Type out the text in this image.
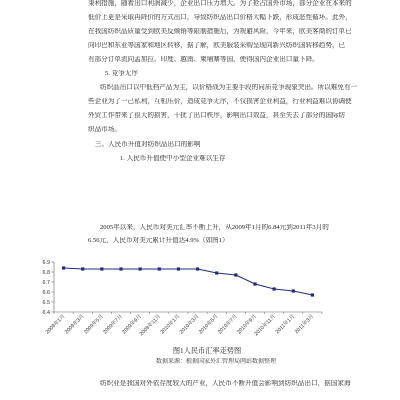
秉利措施，随着出口利润减少，企业出口压力增大。为了抢占国外市场，部分企业在本来的
低价上更是采取再降价的方式出口，导致纺织品出口价格大幅下跌，形成恶性循环。此外，
在我国纺织品质量受到欧美反倾销等限制措施后，为规避风险，今年来，欧美客商的订单已
向印巴和东亚等国家和地区转移，据了解，欧美服装采购呈现向新兴纺织国转移趋势，已
有部分订单流向孟加拉、印度、越南、柬埔寨等国，使得国内企业出口量下降。
5. 竞争无序
纺织品出口以中低档产品为主，以价格战为主要手段的同质竞争现象突出。所以难免有一
些企业为了一己私利，互相压价，造成竞争无序，不仅损害企业利益，行业利益难以协调使
外贸工作带来了很大的损害，干扰了出口秩序，影响出口效益，甚至失去了部分的国际纺
织品市场。
三、人民币升值对纺织品出口的影响
1. 人民币升值使中小型企业难以生存
2005年以来，人民币对美元汇率不断上升，从2009年1月的6.84元到2011年3月的
6.56元，人民币对美元累计升值达4.9%（如图1）
6.4
6.5
6.6
6.7
6.8
6.9
2009年1月
2009年3月
2009年5月
2009年7月
2009年9月
2009年11月
2010年1月
2010年3月
2010年5月
2010年7月
2010年9月
2010年11月
2011年1月
2011年3月
图1人民币汇率走势图
数据来源：根据国家外汇管理局网站数据整理
纺织业是我国对外依存度较大的产业，人民币不断升值会影响到纺织品出口，据国家海
